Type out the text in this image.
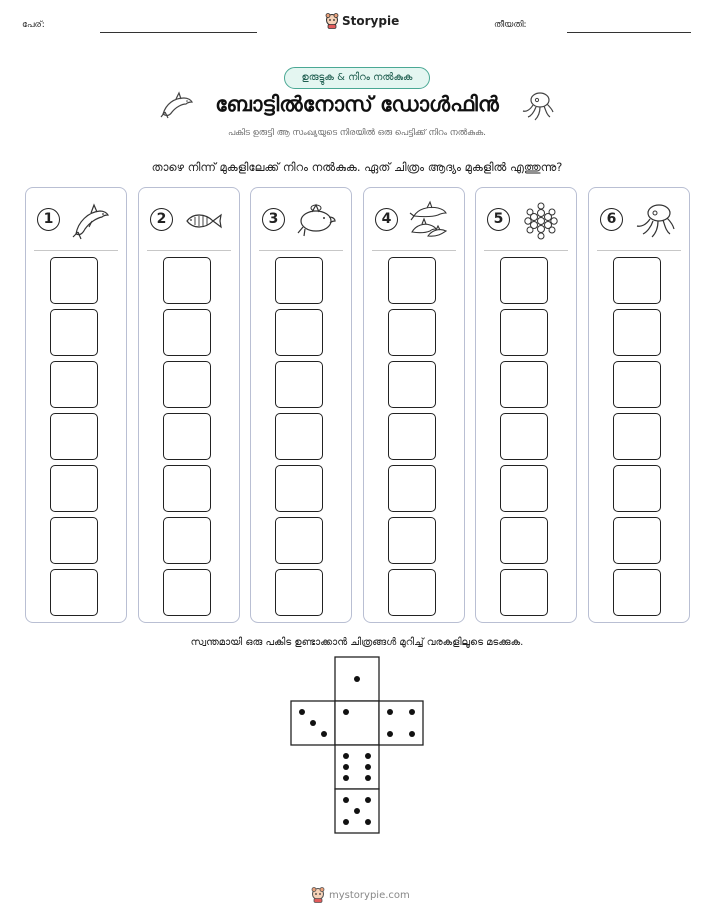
പേര്:	Storypie	തീയതി:
ഉരുട്ടുക & നിറം നൽകുക
ബോട്ടിൽനോസ് ഡോൾഫിൻ
പകിട ഉരുട്ടി ആ സംഖ്യയുടെ നിരയിൽ ഒരു പെട്ടിക്ക് നിറം നൽകുക.
താഴെ നിന്ന് മുകളിലേക്ക് നിറം നൽകുക. ഏത് ചിത്രം ആദ്യം മുകളിൽ എത്തുന്നു?
1	2	3	4	5	6
സ്വന്തമായി ഒരു പകിട ഉണ്ടാക്കാൻ ചിത്രങ്ങൾ മുറിച്ച് വരകളിലൂടെ മടക്കുക.
mystorypie.com
